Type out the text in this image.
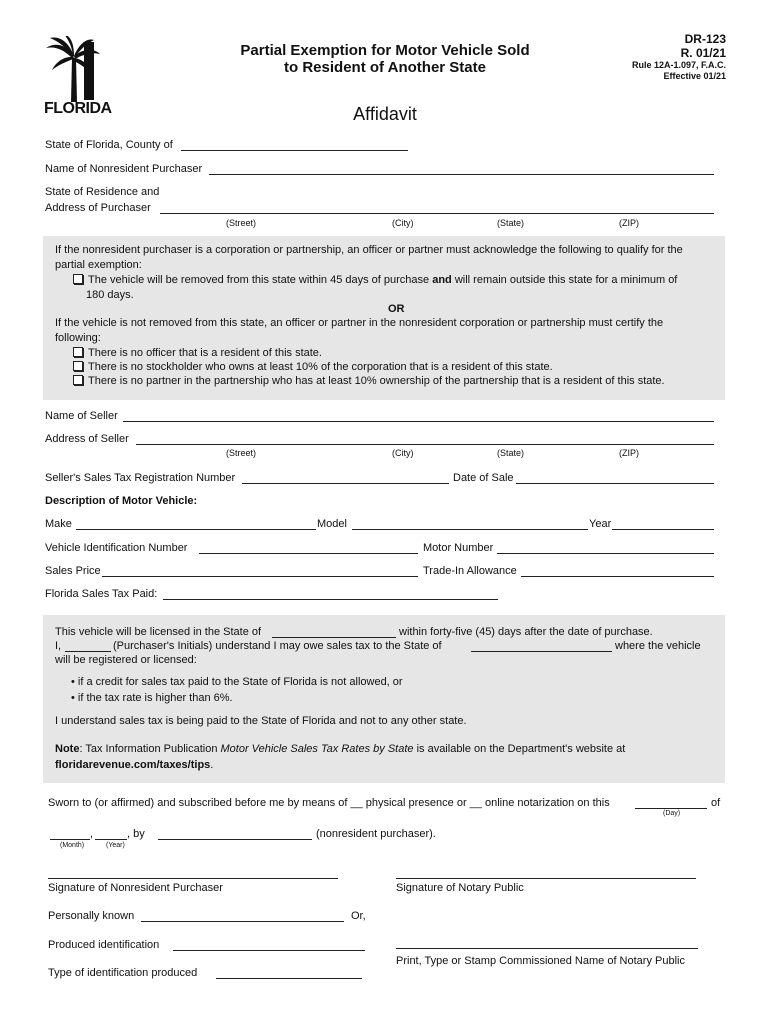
FLORIDA
Partial Exemption for Motor Vehicle Sold
to Resident of Another State
DR-123
R. 01/21
Rule 12A-1.097, F.A.C.
Effective 01/21
Affidavit
State of Florida, County of
Name of Nonresident Purchaser
State of Residence and
Address of Purchaser
(Street)	(City)	(State)	(ZIP)
If the nonresident purchaser is a corporation or partnership, an officer or partner must acknowledge the following to qualify for the
partial exemption:
The vehicle will be removed from this state within 45 days of purchase and will remain outside this state for a minimum of
180 days.
OR
If the vehicle is not removed from this state, an officer or partner in the nonresident corporation or partnership must certify the
following:
There is no officer that is a resident of this state.
There is no stockholder who owns at least 10% of the corporation that is a resident of this state.
There is no partner in the partnership who has at least 10% ownership of the partnership that is a resident of this state.
Name of Seller
Address of Seller
(Street)	(City)	(State)	(ZIP)
Seller's Sales Tax Registration Number	Date of Sale
Description of Motor Vehicle:
Make	Model	Year
Vehicle Identification Number	Motor Number
Sales Price	Trade-In Allowance
Florida Sales Tax Paid:
This vehicle will be licensed in the State of	within forty-five (45) days after the date of purchase.
I,	(Purchaser's Initials) understand I may owe sales tax to the State of	where the vehicle
will be registered or licensed:
• if a credit for sales tax paid to the State of Florida is not allowed, or
• if the tax rate is higher than 6%.
I understand sales tax is being paid to the State of Florida and not to any other state.
Note: Tax Information Publication Motor Vehicle Sales Tax Rates by State is available on the Department's website at
floridarevenue.com/taxes/tips.
Sworn to (or affirmed) and subscribed before me by means of __ physical presence or __ online notarization on this	of
(Day)
,	, by	(nonresident purchaser).
(Month)	(Year)
Signature of Nonresident Purchaser	Signature of Notary Public
Personally known	Or,
Produced identification
Print, Type or Stamp Commissioned Name of Notary Public
Type of identification produced
